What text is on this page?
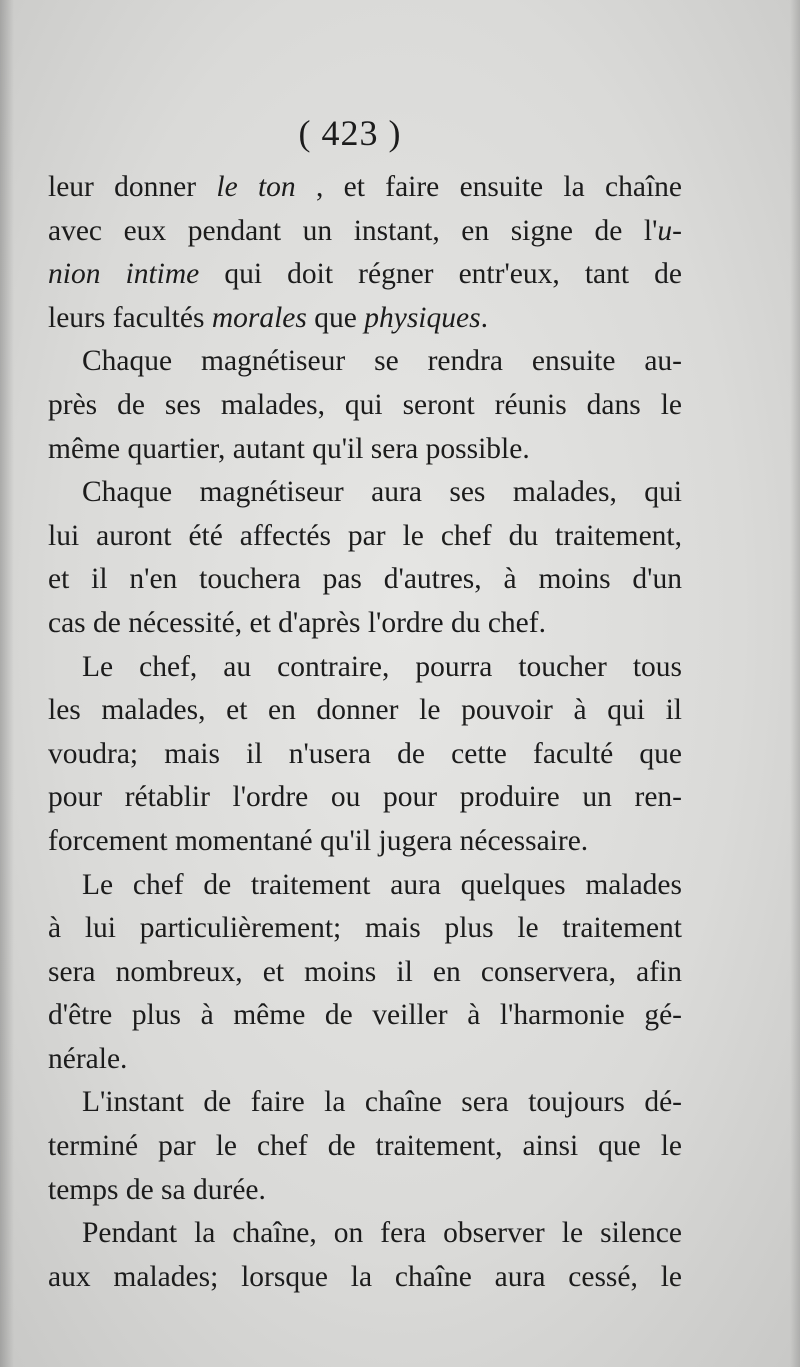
( 423 )
leur donner le ton , et faire ensuite la chaîne
avec eux pendant un instant, en signe de l'u-
nion intime qui doit régner entr'eux, tant de
leurs facultés morales que physiques.
Chaque magnétiseur se rendra ensuite au-
près de ses malades, qui seront réunis dans le
même quartier, autant qu'il sera possible.
Chaque magnétiseur aura ses malades, qui
lui auront été affectés par le chef du traitement,
et il n'en touchera pas d'autres, à moins d'un
cas de nécessité, et d'après l'ordre du chef.
Le chef, au contraire, pourra toucher tous
les malades, et en donner le pouvoir à qui il
voudra; mais il n'usera de cette faculté que
pour rétablir l'ordre ou pour produire un ren-
forcement momentané qu'il jugera nécessaire.
Le chef de traitement aura quelques malades
à lui particulièrement; mais plus le traitement
sera nombreux, et moins il en conservera, afin
d'être plus à même de veiller à l'harmonie gé-
nérale.
L'instant de faire la chaîne sera toujours dé-
terminé par le chef de traitement, ainsi que le
temps de sa durée.
Pendant la chaîne, on fera observer le silence
aux malades; lorsque la chaîne aura cessé, le
